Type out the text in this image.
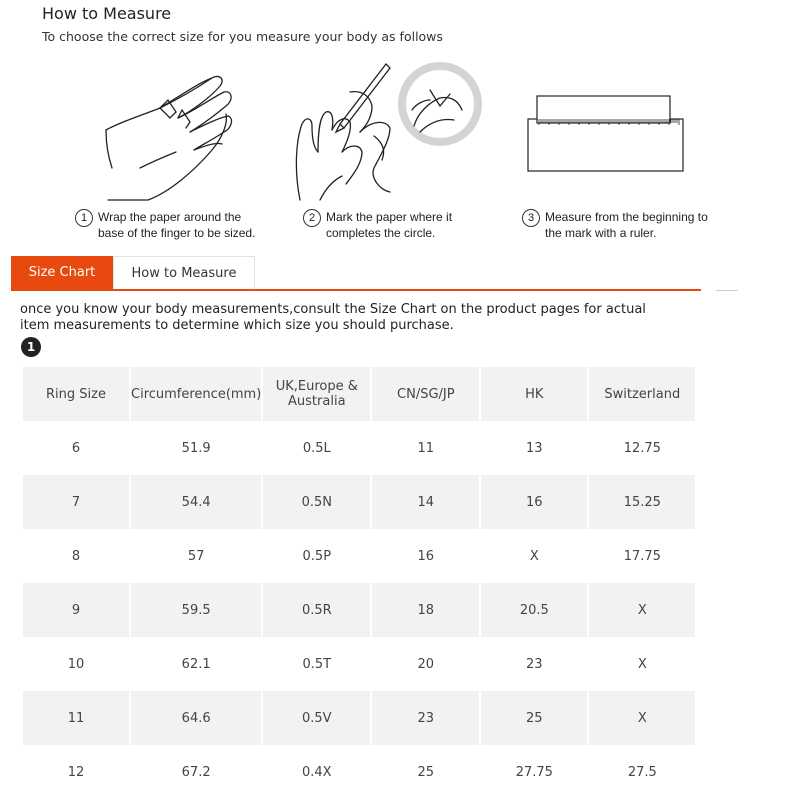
How to Measure
To choose the correct size for you measure your body as follows
1 Wrap the paper around the base of the finger to be sized.
2 Mark the paper where it completes the circle.
3 Measure from the beginning to the mark with a ruler.
Size Chart	How to Measure
once you know your body measurements,consult the Size Chart on the product pages for actual item measurements to determine which size you should purchase.
1
Ring Size	Circumference(mm)	UK,Europe & Australia	CN/SG/JP	HK	Switzerland
6	51.9	0.5L	11	13	12.75
7	54.4	0.5N	14	16	15.25
8	57	0.5P	16	X	17.75
9	59.5	0.5R	18	20.5	X
10	62.1	0.5T	20	23	X
11	64.6	0.5V	23	25	X
12	67.2	0.4X	25	27.75	27.5
